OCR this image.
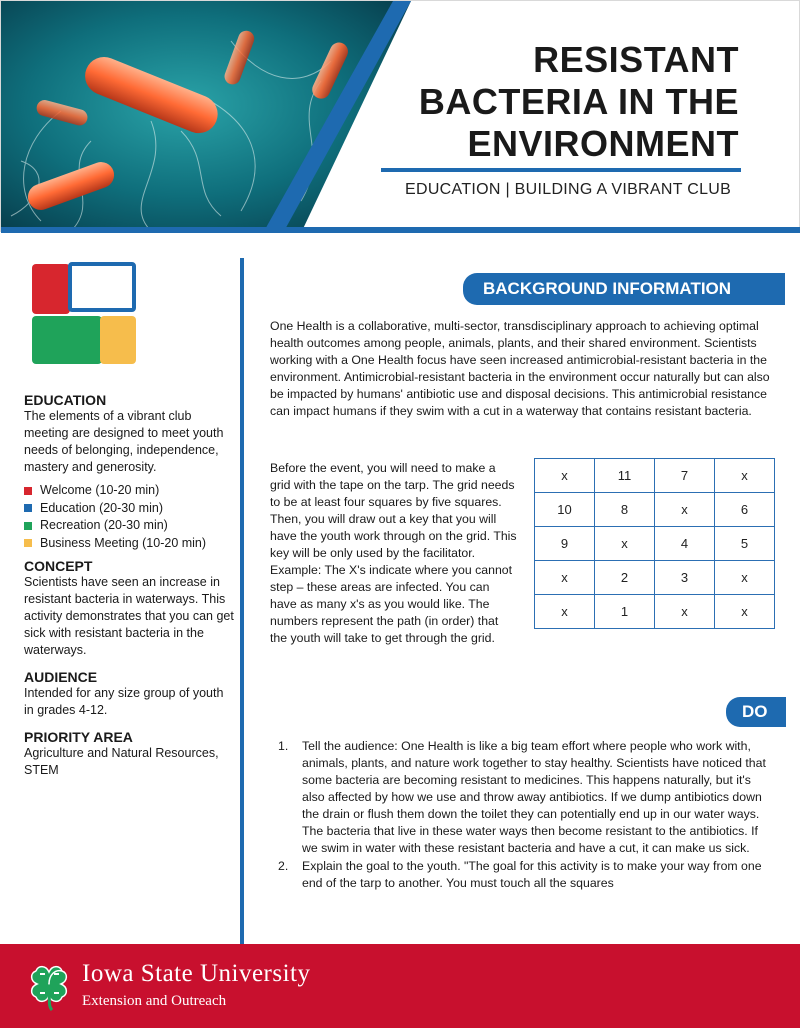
RESISTANT
BACTERIA IN THE
ENVIRONMENT
EDUCATION | BUILDING A VIBRANT CLUB
EDUCATION

The elements of a vibrant club meeting are designed to meet youth needs of belonging, independence, mastery and generosity.

Welcome (10-20 min)
Education (20-30 min)
Recreation (20-30 min)
Business Meeting (10-20 min)
CONCEPT

Scientists have seen an increase in resistant bacteria in waterways. This activity demonstrates that you can get sick with resistant bacteria in the waterways.

AUDIENCE

Intended for any size group of youth in grades 4-12.

PRIORITY AREA

Agriculture and Natural Resources, STEM

BACKGROUND INFORMATION

One Health is a collaborative, multi-sector, transdisciplinary approach to achieving optimal health outcomes among people, animals, plants, and their shared environment. Scientists working with a One Health focus have seen increased antimicrobial-resistant bacteria in the environment. Antimicrobial-resistant bacteria in the environment occur naturally but can also be impacted by humans' antibiotic use and disposal decisions. This antimicrobial resistance can impact humans if they swim with a cut in a waterway that contains resistant bacteria.

Before the event, you will need to make a grid with the tape on the tarp. The grid needs to be at least four squares by five squares. Then, you will draw out a key that you will have the youth work through on the grid. This key will be only used by the facilitator. Example: The X's indicate where you cannot step – these areas are infected. You can have as many x's as you would like. The numbers represent the path (in order) that the youth will take to get through the grid.

x	11	7	x
10	8	x	6
9	x	4	5
x	2	3	x
x	1	x	x
DO
1.	Tell the audience: One Health is like a big team effort where people who work with, animals, plants, and nature work together to stay healthy. Scientists have noticed that some bacteria are becoming resistant to medicines. This happens naturally, but it's also affected by how we use and throw away antibiotics. If we dump antibiotics down the drain or flush them down the toilet they can potentially end up in our water ways. The bacteria that live in these water ways then become resistant to the antibiotics. If we swim in water with these resistant bacteria and have a cut, it can make us sick.
2.	Explain the goal to the youth. "The goal for this activity is to make your way from one end of the tarp to another. You must touch all the squares
Iowa State University
Extension and Outreach
